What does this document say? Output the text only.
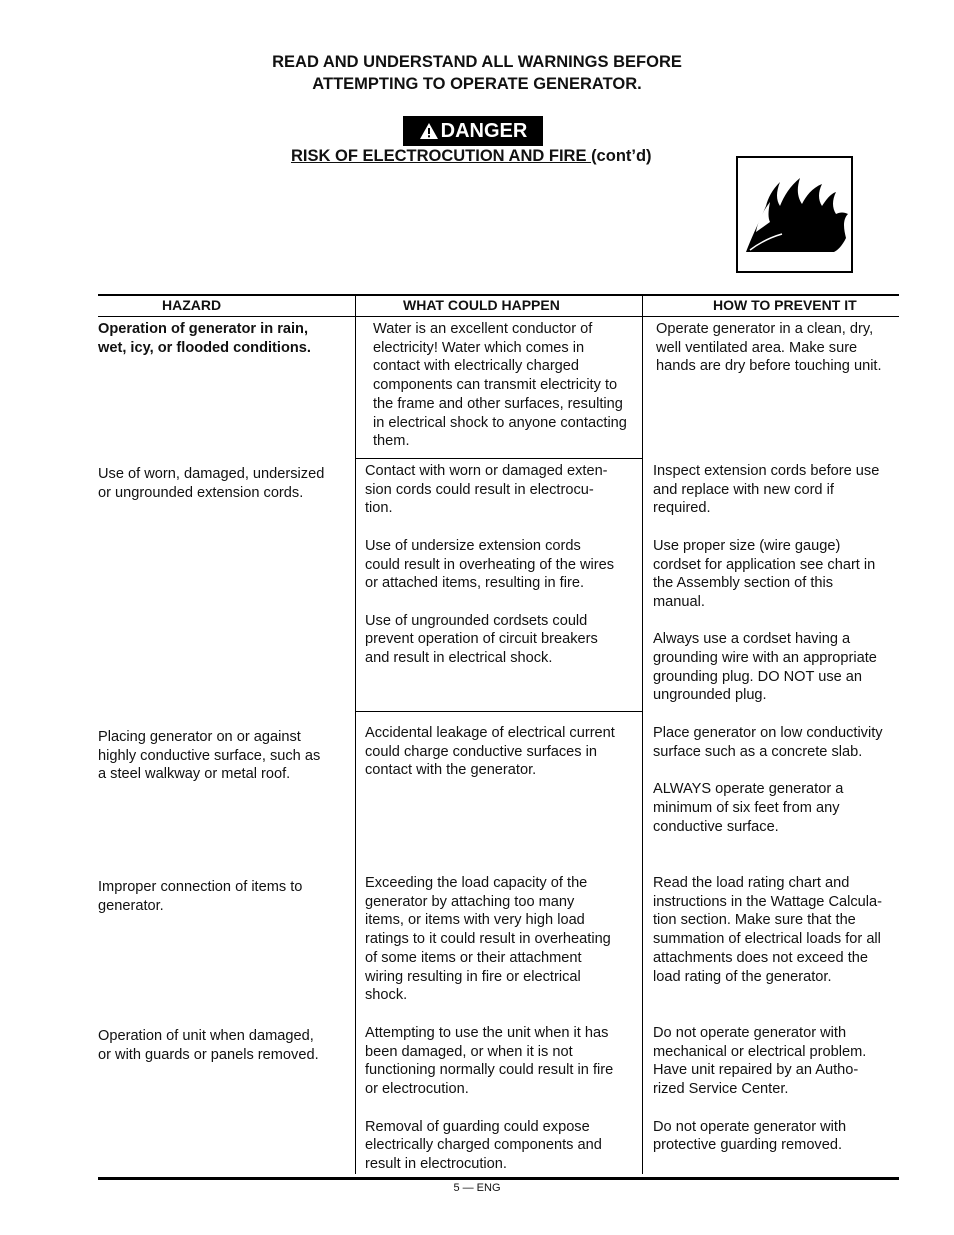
READ AND UNDERSTAND ALL WARNINGS BEFORE
ATTEMPTING TO OPERATE GENERATOR.
DANGER
RISK OF ELECTROCUTION AND FIRE (cont’d)
HAZARD	WHAT COULD HAPPEN	HOW TO PREVENT IT

Operation of generator in rain,
wet, icy, or flooded conditions.

Water is an excellent conductor of
electricity! Water which comes in
contact with electrically charged
components can transmit electricity to
the frame and other surfaces, resulting
in electrical shock to anyone contacting
them.

Operate generator in a clean, dry,
well ventilated area. Make sure
hands are dry before touching unit.

Use of worn, damaged, undersized
or ungrounded extension cords.

Contact with worn or damaged exten-
sion cords could result in electrocu-
tion.

Use of undersize extension cords
could result in overheating of the wires
or attached items, resulting in fire.

Use of ungrounded cordsets could
prevent operation of circuit breakers
and result in electrical shock.

Inspect extension cords before use
and replace with new cord if
required.

Use proper size (wire gauge)
cordset for application see chart in
the Assembly section of this
manual.

Always use a cordset having a
grounding wire with an appropriate
grounding plug. DO NOT use an
ungrounded plug.

Placing generator on or against
highly conductive surface, such as
a steel walkway or metal roof.

Accidental leakage of electrical current
could charge conductive surfaces in
contact with the generator.

Place generator on low conductivity
surface such as a concrete slab.

ALWAYS operate generator a
minimum of six feet from any
conductive surface.

Improper connection of items to
generator.

Exceeding the load capacity of the
generator by attaching too many
items, or items with very high load
ratings to it could result in overheating
of some items or their attachment
wiring resulting in fire or electrical
shock.

Read the load rating chart and
instructions in the Wattage Calcula-
tion section. Make sure that the
summation of electrical loads for all
attachments does not exceed the
load rating of the generator.

Operation of unit when damaged,
or with guards or panels removed.

Attempting to use the unit when it has
been damaged, or when it is not
functioning normally could result in fire
or electrocution.

Removal of guarding could expose
electrically charged components and
result in electrocution.

Do not operate generator with
mechanical or electrical problem.
Have unit repaired by an Autho-
rized Service Center.

Do not operate generator with
protective guarding removed.

5 — ENG
